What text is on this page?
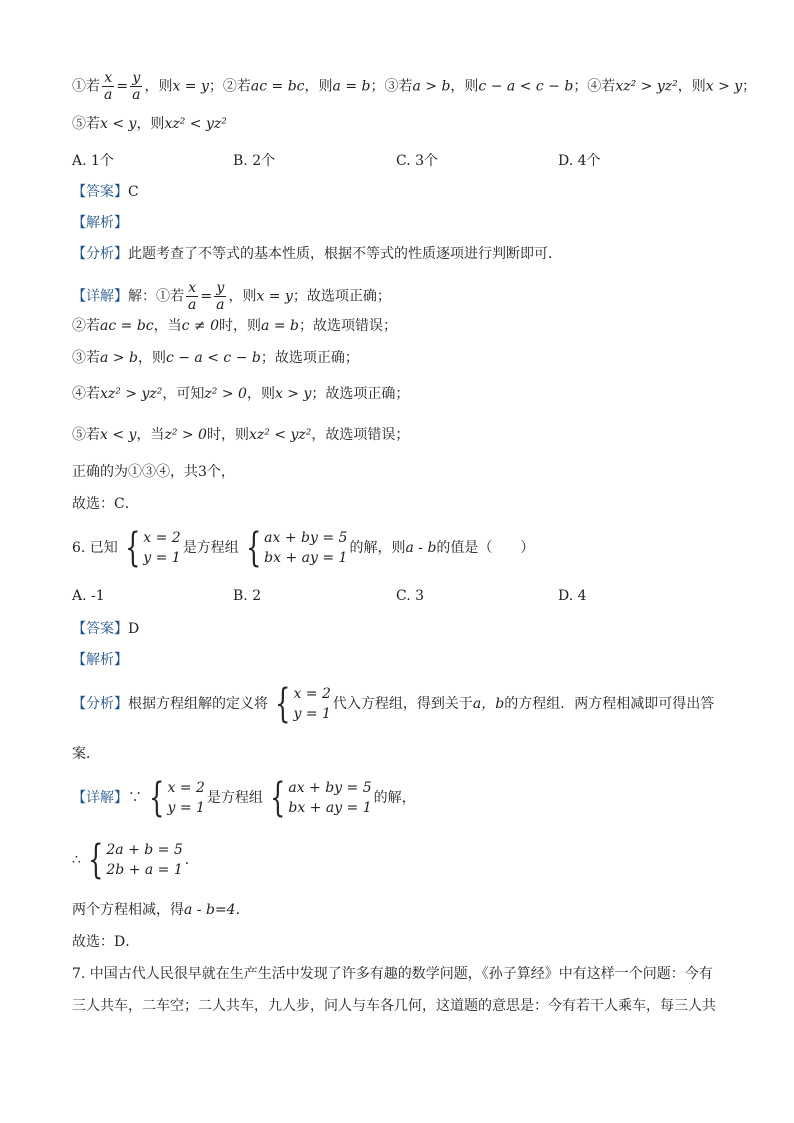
①若 $\frac{x}{a} = \frac{y}{a}$ ，则x = y；②若ac = bc，则a = b；③若a > b，则c − a < c − b；④若xz² > yz²，则x > y；
⑤若x < y，则xz² < yz²
A. 1个	B. 2个	C. 3个	D. 4个
【答案】C
【解析】
【分析】此题考查了不等式的基本性质，根据不等式的性质逐项进行判断即可．
【详解】解：①若 $\frac{x}{a} = \frac{y}{a}$ ，则x = y；故选项正确；
②若ac = bc，当c ≠ 0时，则a = b；故选项错误；
③若a > b，则c − a < c − b；故选项正确；
④若xz² > yz²，可知z² > 0，则x > y；故选项正确；
⑤若x < y，当z² > 0时，则xz² < yz²，故选项错误；
正确的为①③④，共3个，
故选：C．
6. 已知 { x = 2
y = 1
是方程组 { ax + by = 5
bx + ay = 1
的解，则a - b的值是（　　）
A. -1	B. 2	C. 3	D. 4
【答案】D
【解析】
【分析】根据方程组解的定义将 { x = 2
y = 1
代入方程组，得到关于a，b的方程组．两方程相减即可得出答
案．
【详解】∵ { x = 2
y = 1
是方程组 { ax + by = 5
bx + ay = 1
的解，
∴ { 2a + b = 5
2b + a = 1
．
两个方程相减，得a - b=4．
故选：D．
7. 中国古代人民很早就在生产生活中发现了许多有趣的数学问题，《孙子算经》中有这样一个问题：今有
三人共车，二车空；二人共车，九人步，问人与车各几何，这道题的意思是：今有若干人乘车，每三人共
